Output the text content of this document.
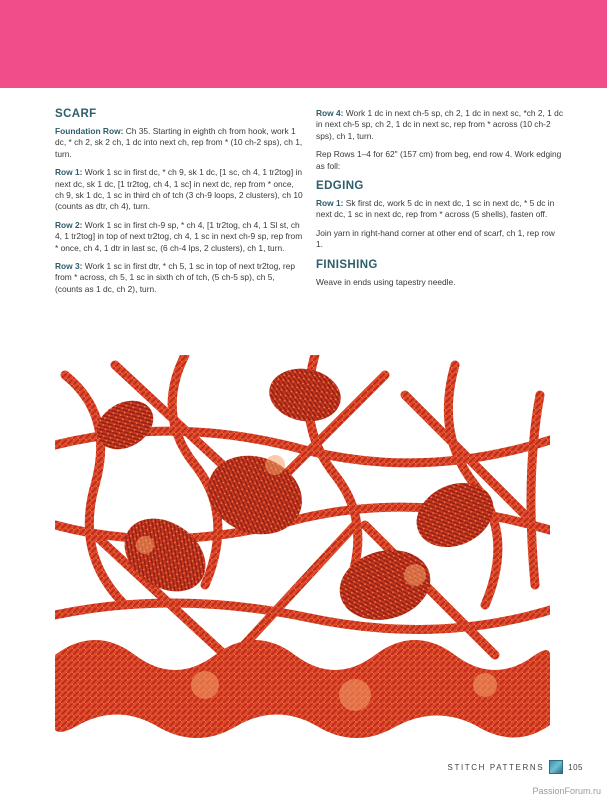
SCARF

Foundation Row: Ch 35. Starting in eighth ch from hook, work 1 dc, * ch 2, sk 2 ch, 1 dc into next ch, rep from * (10 ch-2 sps), ch 1, turn.

Row 1: Work 1 sc in first dc, * ch 9, sk 1 dc, [1 sc, ch 4, 1 tr2tog] in next dc, sk 1 dc, [1 tr2tog, ch 4, 1 sc] in next dc, rep from * once, ch 9, sk 1 dc, 1 sc in third ch of tch (3 ch-9 loops, 2 clusters), ch 10 (counts as dtr, ch 4), turn.

Row 2: Work 1 sc in first ch-9 sp, * ch 4, [1 tr2tog, ch 4, 1 Sl st, ch 4, 1 tr2tog] in top of next tr2tog, ch 4, 1 sc in next ch-9 sp, rep from * once, ch 4, 1 dtr in last sc, (6 ch-4 lps, 2 clusters), ch 1, turn.

Row 3: Work 1 sc in first dtr, * ch 5, 1 sc in top of next tr2tog, rep from * across, ch 5, 1 sc in sixth ch of tch, (5 ch-5 sp), ch 5, (counts as 1 dc, ch 2), turn.

Row 4: Work 1 dc in next ch-5 sp, ch 2, 1 dc in next sc, *ch 2, 1 dc in next ch-5 sp, ch 2, 1 dc in next sc, rep from * across (10 ch-2 sps), ch 1, turn.

Rep Rows 1–4 for 62" (157 cm) from beg, end row 4. Work edging as foll:

EDGING

Row 1: Sk first dc, work 5 dc in next dc, 1 sc in next dc, * 5 dc in next dc, 1 sc in next dc, rep from * across (5 shells), fasten off.

Join yarn in right-hand corner at other end of scarf, ch 1, rep row 1.

FINISHING

Weave in ends using tapestry needle.

STITCH PATTERNS	105
PassionForum.ru
